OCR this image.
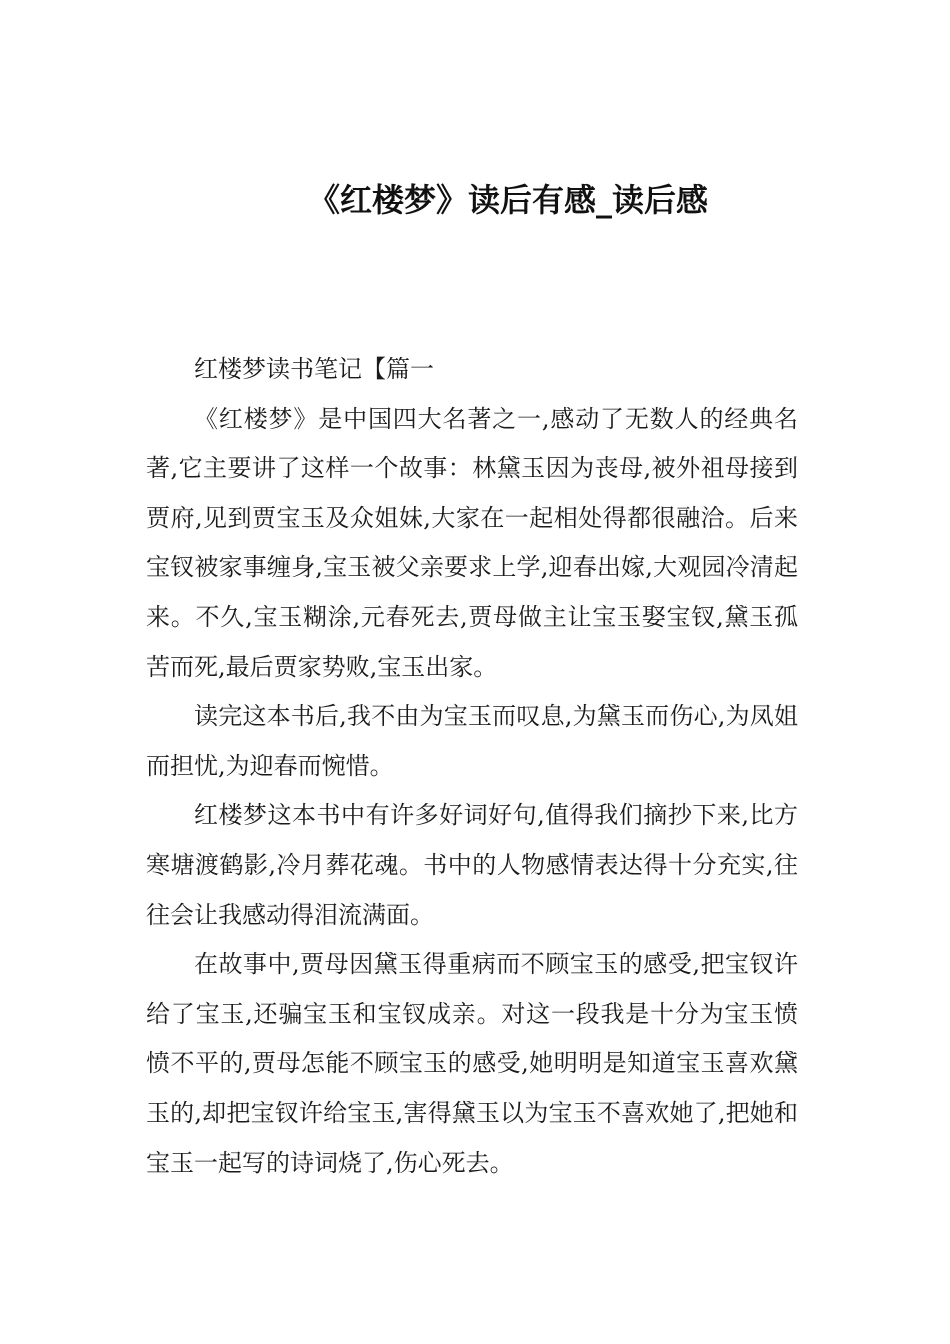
《红楼梦》读后有感_读后感

红楼梦读书笔记【篇一

《红楼梦》是中国四大名著之一,感动了无数人的经典名著,它主要讲了这样一个故事：林黛玉因为丧母,被外祖母接到贾府,见到贾宝玉及众姐妹,大家在一起相处得都很融洽。后来宝钗被家事缠身,宝玉被父亲要求上学,迎春出嫁,大观园冷清起来。不久,宝玉糊涂,元春死去,贾母做主让宝玉娶宝钗,黛玉孤苦而死,最后贾家势败,宝玉出家。

读完这本书后,我不由为宝玉而叹息,为黛玉而伤心,为凤姐而担忧,为迎春而惋惜。

红楼梦这本书中有许多好词好句,值得我们摘抄下来,比方寒塘渡鹤影,冷月葬花魂。书中的人物感情表达得十分充实,往往会让我感动得泪流满面。

在故事中,贾母因黛玉得重病而不顾宝玉的感受,把宝钗许给了宝玉,还骗宝玉和宝钗成亲。对这一段我是十分为宝玉愤愤不平的,贾母怎能不顾宝玉的感受,她明明是知道宝玉喜欢黛玉的,却把宝钗许给宝玉,害得黛玉以为宝玉不喜欢她了,把她和宝玉一起写的诗词烧了,伤心死去。
